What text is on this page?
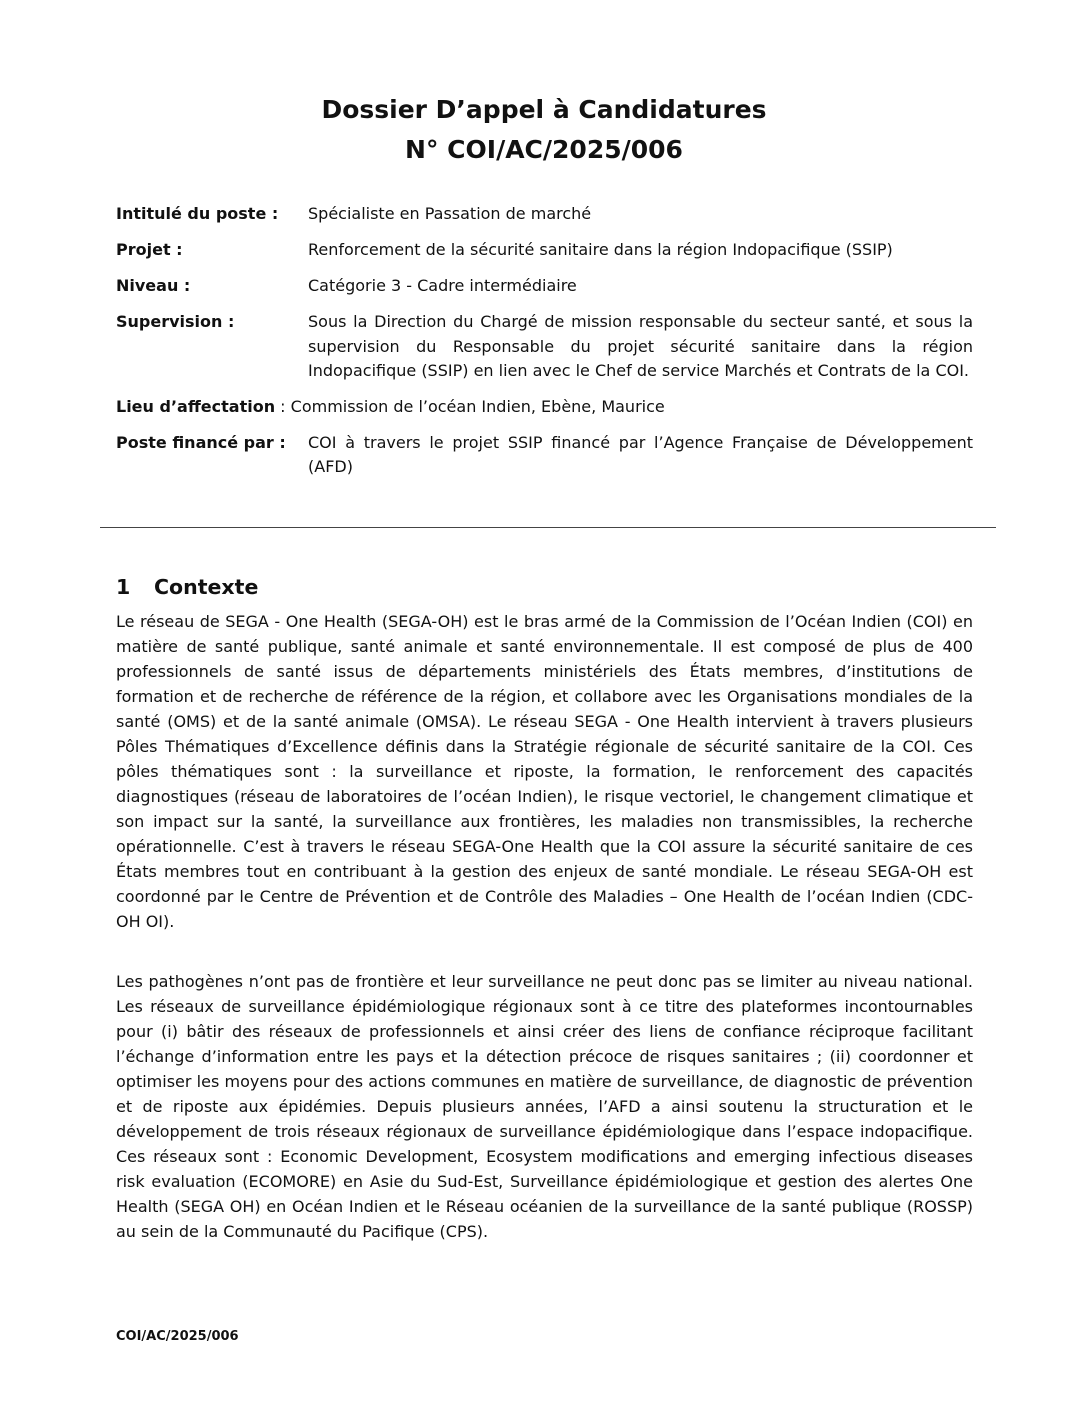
Dossier D’appel à Candidatures
N° COI/AC/2025/006
Intitulé du poste :	Spécialiste en Passation de marché
Projet :	Renforcement de la sécurité sanitaire dans la région Indopacifique (SSIP)
Niveau :	Catégorie 3 - Cadre intermédiaire
Supervision :	Sous la Direction du Chargé de mission responsable du secteur santé, et sous la supervision du Responsable du projet sécurité sanitaire dans la région Indopacifique (SSIP) en lien avec le Chef de service Marchés et Contrats de la COI.
Lieu d’affectation : Commission de l’océan Indien, Ebène, Maurice
Poste financé par :	COI à travers le projet SSIP financé par l’Agence Française de Développement (AFD)
1 Contexte

Le réseau de SEGA - One Health (SEGA-OH) est le bras armé de la Commission de l’Océan Indien (COI) en matière de santé publique, santé animale et santé environnementale. Il est composé de plus de 400 professionnels de santé issus de départements ministériels des États membres, d’institutions de formation et de recherche de référence de la région, et collabore avec les Organisations mondiales de la santé (OMS) et de la santé animale (OMSA). Le réseau SEGA - One Health intervient à travers plusieurs Pôles Thématiques d’Excellence définis dans la Stratégie régionale de sécurité sanitaire de la COI. Ces pôles thématiques sont : la surveillance et riposte, la formation, le renforcement des capacités diagnostiques (réseau de laboratoires de l’océan Indien), le risque vectoriel, le changement climatique et son impact sur la santé, la surveillance aux frontières, les maladies non transmissibles, la recherche opérationnelle. C’est à travers le réseau SEGA-One Health que la COI assure la sécurité sanitaire de ces États membres tout en contribuant à la gestion des enjeux de santé mondiale. Le réseau SEGA-OH est coordonné par le Centre de Prévention et de Contrôle des Maladies – One Health de l’océan Indien (CDC-OH OI).

Les pathogènes n’ont pas de frontière et leur surveillance ne peut donc pas se limiter au niveau national. Les réseaux de surveillance épidémiologique régionaux sont à ce titre des plateformes incontournables pour (i) bâtir des réseaux de professionnels et ainsi créer des liens de confiance réciproque facilitant l’échange d’information entre les pays et la détection précoce de risques sanitaires ; (ii) coordonner et optimiser les moyens pour des actions communes en matière de surveillance, de diagnostic de prévention et de riposte aux épidémies. Depuis plusieurs années, l’AFD a ainsi soutenu la structuration et le développement de trois réseaux régionaux de surveillance épidémiologique dans l’espace indopacifique. Ces réseaux sont : Economic Development, Ecosystem modifications and emerging infectious diseases risk evaluation (ECOMORE) en Asie du Sud-Est, Surveillance épidémiologique et gestion des alertes One Health (SEGA OH) en Océan Indien et le Réseau océanien de la surveillance de la santé publique (ROSSP) au sein de la Communauté du Pacifique (CPS).

COI/AC/2025/006
